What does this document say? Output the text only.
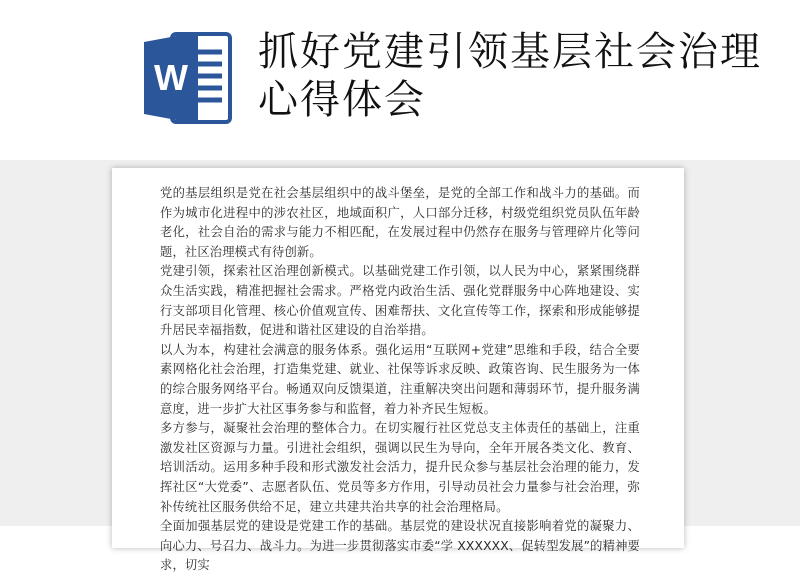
W
抓好党建引领基层社会治理心得体会

党的基层组织是党在社会基层组织中的战斗堡垒，是党的全部工作和战斗力的基础。而作为城市化进程中的涉农社区，地域面积广，人口部分迁移，村级党组织党员队伍年龄老化，社会自治的需求与能力不相匹配，在发展过程中仍然存在服务与管理碎片化等问题，社区治理模式有待创新。

党建引领，探索社区治理创新模式。以基础党建工作引领，以人民为中心，紧紧围绕群众生活实践，精准把握社会需求。严格党内政治生活、强化党群服务中心阵地建设、实行支部项目化管理、核心价值观宣传、困难帮扶、文化宣传等工作，探索和形成能够提升居民幸福指数，促进和谐社区建设的自治举措。

以人为本，构建社会满意的服务体系。强化运用“互联网+党建”思维和手段，结合全要素网格化社会治理，打造集党建、就业、社保等诉求反映、政策咨询、民生服务为一体的综合服务网络平台。畅通双向反馈渠道，注重解决突出问题和薄弱环节，提升服务满意度，进一步扩大社区事务参与和监督，着力补齐民生短板。

多方参与，凝聚社会治理的整体合力。在切实履行社区党总支主体责任的基础上，注重激发社区资源与力量。引进社会组织，强调以民生为导向，全年开展各类文化、教育、培训活动。运用多种手段和形式激发社会活力，提升民众参与基层社会治理的能力，发挥社区“大党委”、志愿者队伍、党员等多方作用，引导动员社会力量参与社会治理，弥补传统社区服务供给不足，建立共建共治共享的社会治理格局。

全面加强基层党的建设是党建工作的基础。基层党的建设状况直接影响着党的凝聚力、向心力、号召力、战斗力。为进一步贯彻落实市委“学 XXXXXX、促转型发展”的精神要求，切实
